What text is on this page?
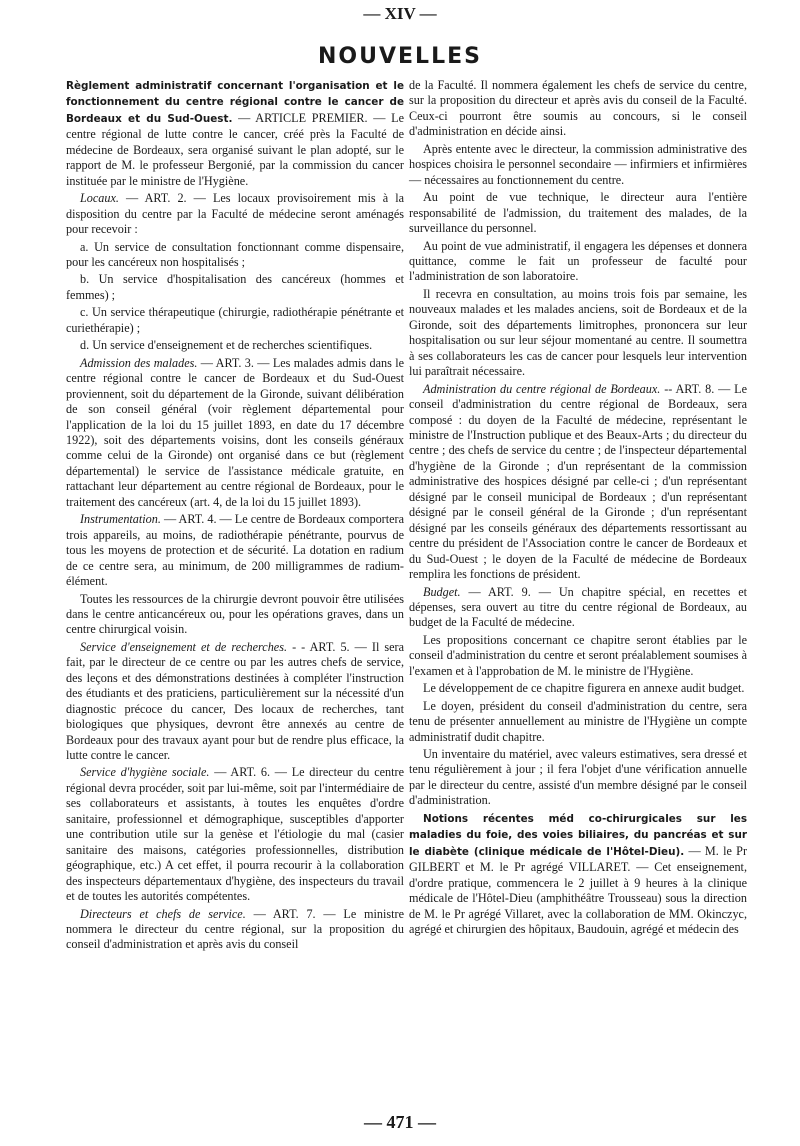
— XIV —
NOUVELLES

Règlement administratif concernant l'organisation et le fonctionnement du centre régional contre le cancer de Bordeaux et du Sud-Ouest. — ARTICLE PREMIER. — Le centre régional de lutte contre le cancer, créé près la Faculté de médecine de Bordeaux, sera organisé suivant le plan adopté, sur le rapport de M. le professeur Bergonié, par la commission du cancer instituée par le ministre de l'Hygiène.

Locaux. — ART. 2. — Les locaux provisoirement mis à la disposition du centre par la Faculté de médecine seront aménagés pour recevoir :

a. Un service de consultation fonctionnant comme dispensaire, pour les cancéreux non hospitalisés ;

b. Un service d'hospitalisation des cancéreux (hommes et femmes) ;

c. Un service thérapeutique (chirurgie, radiothérapie pénétrante et curiethérapie) ;

d. Un service d'enseignement et de recherches scientifiques.

Admission des malades. — ART. 3. — Les malades admis dans le centre régional contre le cancer de Bordeaux et du Sud-Ouest proviennent, soit du département de la Gironde, suivant délibération de son conseil général (voir règlement départemental pour l'application de la loi du 15 juillet 1893, en date du 17 décembre 1922), soit des départements voisins, dont les conseils généraux comme celui de la Gironde) ont organisé dans ce but (règlement départemental) le service de l'assistance médicale gratuite, en rattachant leur département au centre régional de Bordeaux, pour le traitement des cancéreux (art. 4, de la loi du 15 juillet 1893).

Instrumentation. — ART. 4. — Le centre de Bordeaux comportera trois appareils, au moins, de radiothérapie pénétrante, pourvus de tous les moyens de protection et de sécurité. La dotation en radium de ce centre sera, au minimum, de 200 milligrammes de radium-élément.

Toutes les ressources de la chirurgie devront pouvoir être utilisées dans le centre anticancéreux ou, pour les opérations graves, dans un centre chirurgical voisin.

Service d'enseignement et de recherches. - - ART. 5. — Il sera fait, par le directeur de ce centre ou par les autres chefs de service, des leçons et des démonstrations destinées à compléter l'instruction des étudiants et des praticiens, particulièrement sur la nécessité d'un diagnostic précoce du cancer, Des locaux de recherches, tant biologiques que physiques, devront être annexés au centre de Bordeaux pour des travaux ayant pour but de rendre plus efficace, la lutte contre le cancer.

Service d'hygiène sociale. — ART. 6. — Le directeur du centre régional devra procéder, soit par lui-même, soit par l'intermédiaire de ses collaborateurs et assistants, à toutes les enquêtes d'ordre sanitaire, professionnel et démographique, susceptibles d'apporter une contribution utile sur la genèse et l'étiologie du mal (casier sanitaire des maisons, catégories professionnelles, distribution géographique, etc.) A cet effet, il pourra recourir à la collaboration des inspecteurs départementaux d'hygiène, des inspecteurs du travail et de toutes les autorités compétentes.

Directeurs et chefs de service. — ART. 7. — Le ministre nommera le directeur du centre régional, sur la proposition du conseil d'administration et après avis du conseil

de la Faculté. Il nommera également les chefs de service du centre, sur la proposition du directeur et après avis du conseil de la Faculté. Ceux-ci pourront être soumis au concours, si le conseil d'administration en décide ainsi.

Après entente avec le directeur, la commission administrative des hospices choisira le personnel secondaire — infirmiers et infirmières — nécessaires au fonctionnement du centre.

Au point de vue technique, le directeur aura l'entière responsabilité de l'admission, du traitement des malades, de la surveillance du personnel.

Au point de vue administratif, il engagera les dépenses et donnera quittance, comme le fait un professeur de faculté pour l'administration de son laboratoire.

Il recevra en consultation, au moins trois fois par semaine, les nouveaux malades et les malades anciens, soit de Bordeaux et de la Gironde, soit des départements limitrophes, prononcera sur leur hospitalisation ou sur leur séjour momentané au centre. Il soumettra à ses collaborateurs les cas de cancer pour lesquels leur intervention lui paraîtrait nécessaire.

Administration du centre régional de Bordeaux. -- ART. 8. — Le conseil d'administration du centre régional de Bordeaux, sera composé : du doyen de la Faculté de médecine, représentant le ministre de l'Instruction publique et des Beaux-Arts ; du directeur du centre ; des chefs de service du centre ; de l'inspecteur départemental d'hygiène de la Gironde ; d'un représentant de la commission administrative des hospices désigné par celle-ci ; d'un représentant désigné par le conseil municipal de Bordeaux ; d'un représentant désigné par le conseil général de la Gironde ; d'un représentant désigné par les conseils généraux des départements ressortissant au centre du président de l'Association contre le cancer de Bordeaux et du Sud-Ouest ; le doyen de la Faculté de médecine de Bordeaux remplira les fonctions de président.

Budget. — ART. 9. — Un chapitre spécial, en recettes et dépenses, sera ouvert au titre du centre régional de Bordeaux, au budget de la Faculté de médecine.

Les propositions concernant ce chapitre seront établies par le conseil d'administration du centre et seront préalablement soumises à l'examen et à l'approbation de M. le ministre de l'Hygiène.

Le développement de ce chapitre figurera en annexe audit budget.

Le doyen, président du conseil d'administration du centre, sera tenu de présenter annuellement au ministre de l'Hygiène un compte administratif dudit chapitre.

Un inventaire du matériel, avec valeurs estimatives, sera dressé et tenu régulièrement à jour ; il fera l'objet d'une vérification annuelle par le directeur du centre, assisté d'un membre désigné par le conseil d'administration.

Notions récentes méd co-chirurgicales sur les maladies du foie, des voies biliaires, du pancréas et sur le diabète (clinique médicale de l'Hôtel-Dieu). — M. le Pr GILBERT et M. le Pr agrégé VILLARET. — Cet enseignement, d'ordre pratique, commencera le 2 juillet à 9 heures à la clinique médicale de l'Hôtel-Dieu (amphithéâtre Trousseau) sous la direction de M. le Pr agrégé Villaret, avec la collaboration de MM. Okinczyc, agrégé et chirurgien des hôpitaux, Baudouin, agrégé et médecin des

— 471 —
